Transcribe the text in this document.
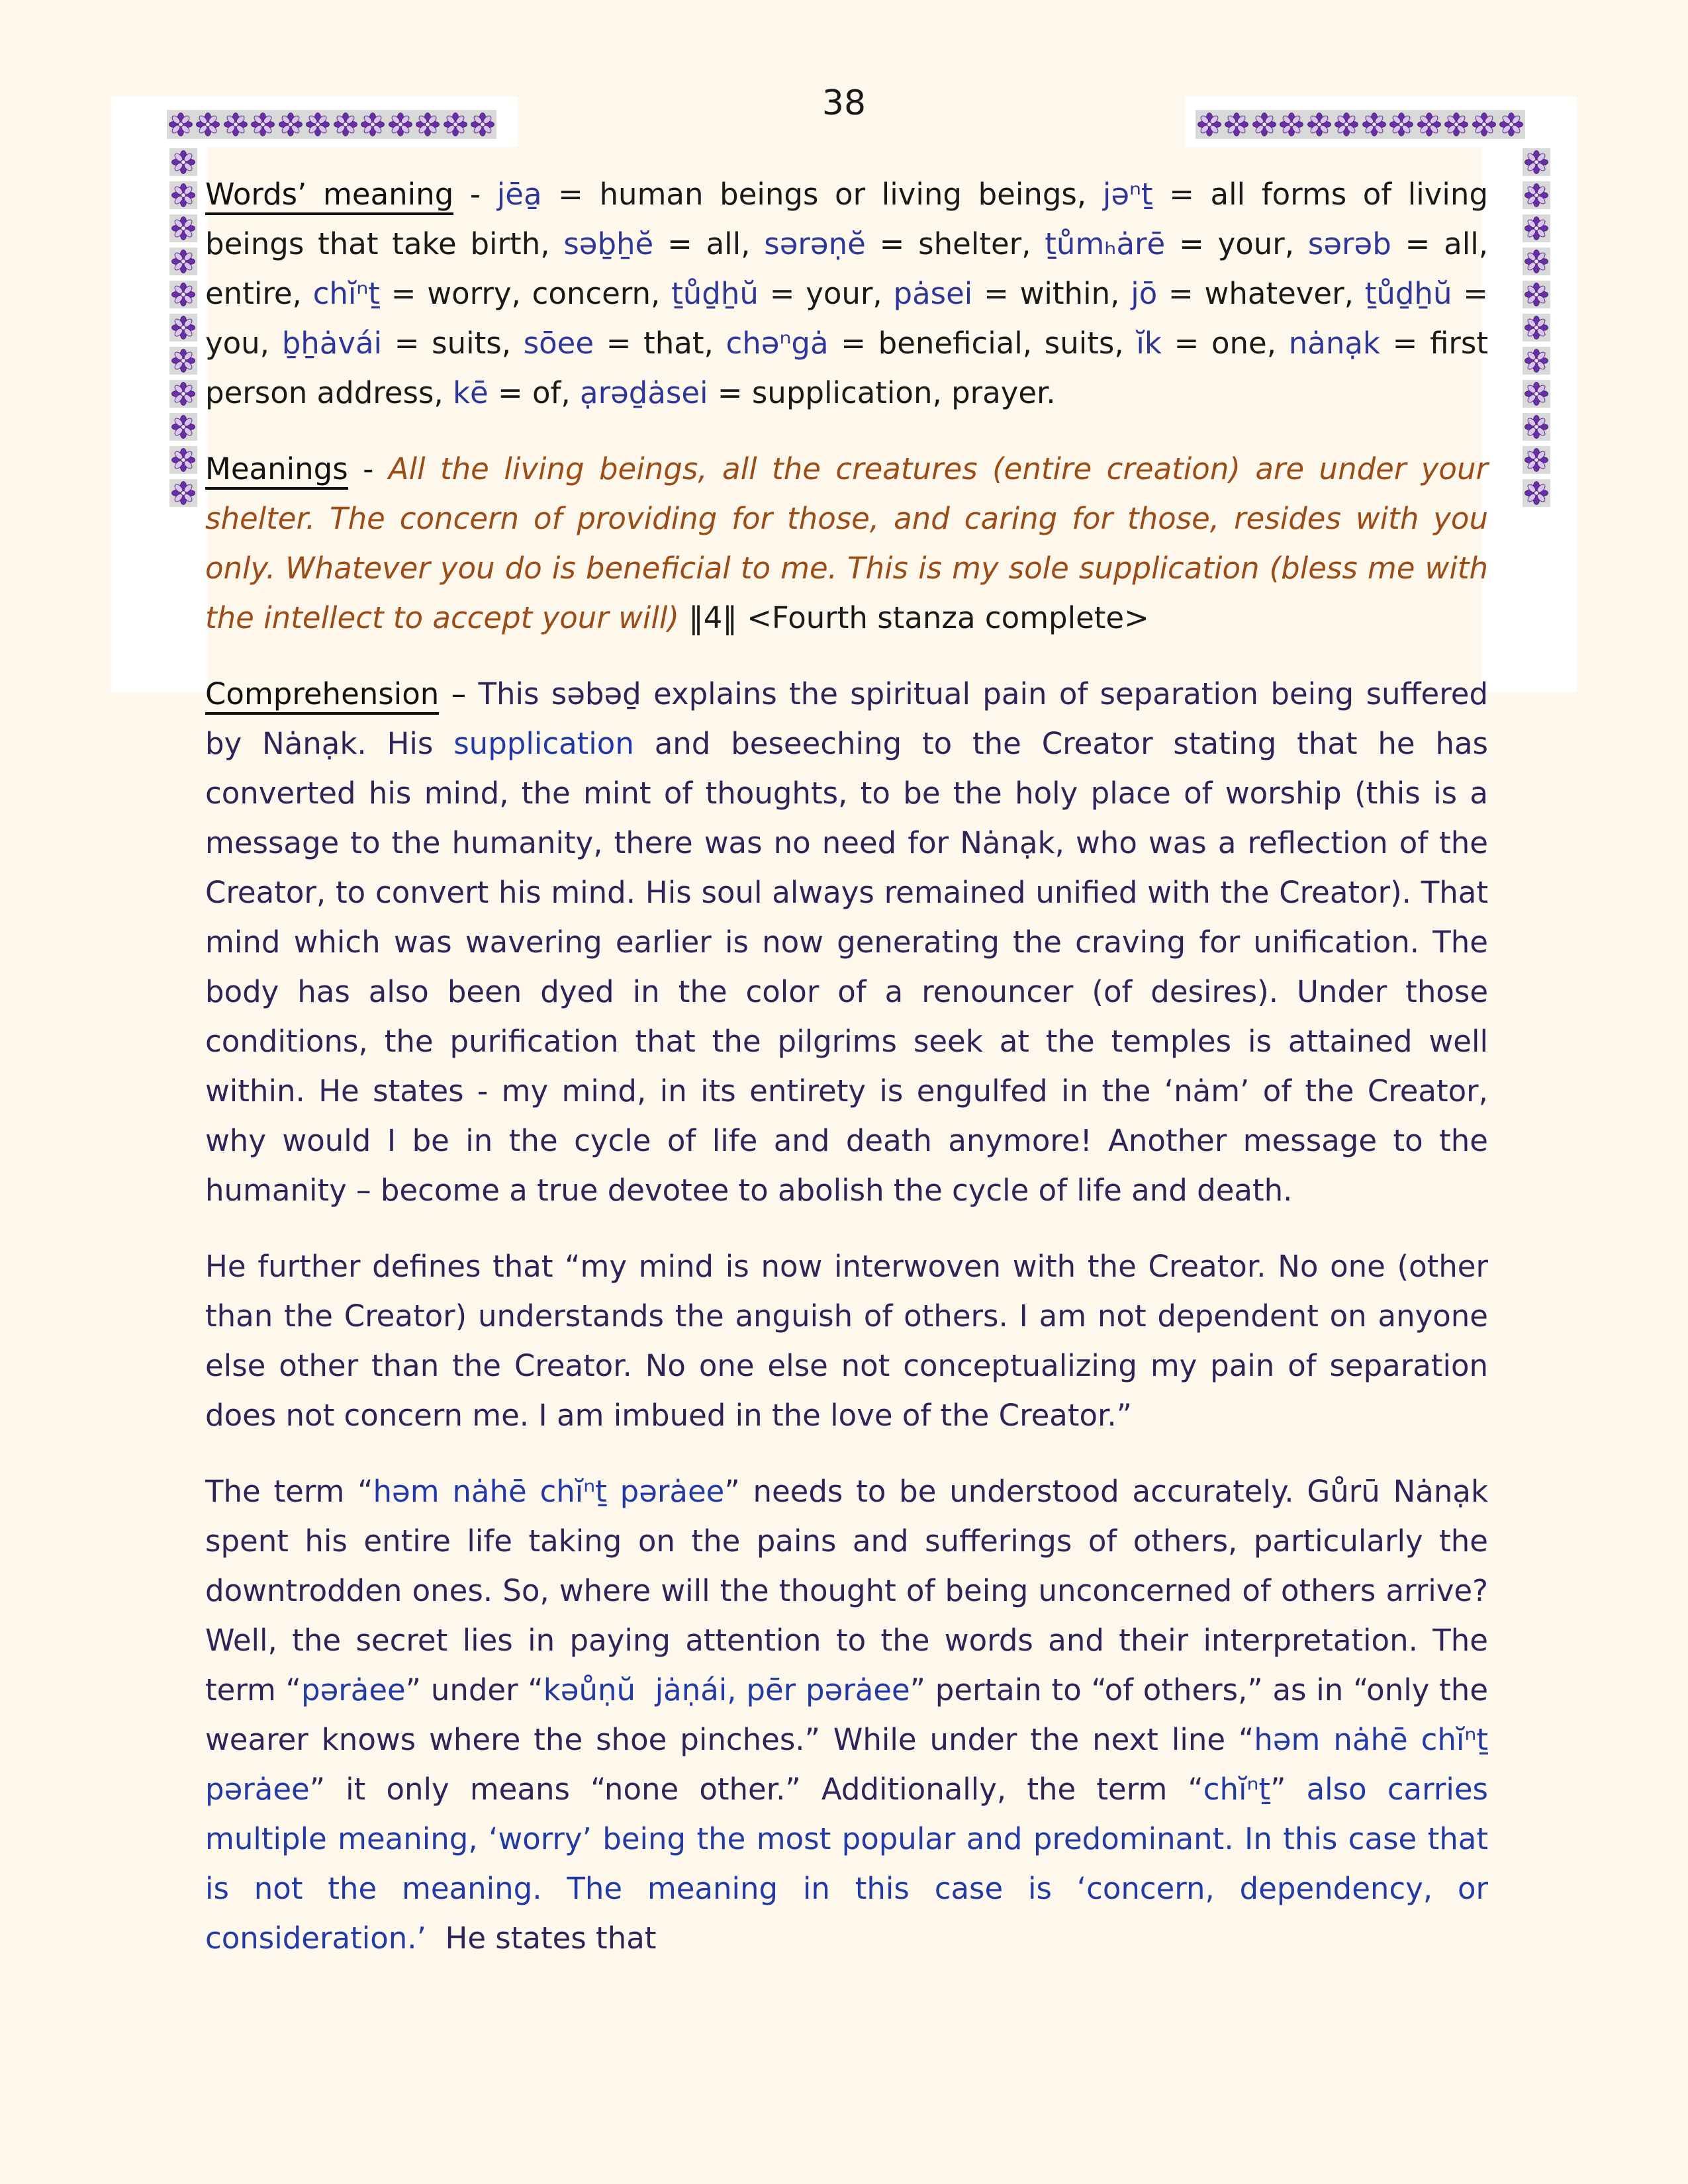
38

Words’ meaning - jēa̱ = human beings or living beings, jəⁿṯ = all forms of living beings that take birth, səḇẖĕ = all, sərəṇĕ = shelter, ṯůmₕȧrē = your, sərəb = all, entire, chĭⁿṯ = worry, concern, ṯůḏẖŭ = your, pȧsei = within, jō = whatever, ṯůḏẖŭ = you, ḇẖȧvái = suits, sōee = that, chəⁿgȧ = beneficial, suits, ĭk = one, nȧnạk = first person address, kē = of, ạrəḏȧsei = supplication, prayer.

Meanings - All the living beings, all the creatures (entire creation) are under your shelter. The concern of providing for those, and caring for those, resides with you only. Whatever you do is beneficial to me. This is my sole supplication (bless me with the intellect to accept your will) ‖4‖ <Fourth stanza complete>

Comprehension – This səbəḏ explains the spiritual pain of separation being suffered by Nȧnạk. His supplication and beseeching to the Creator stating that he has converted his mind, the mint of thoughts, to be the holy place of worship (this is a message to the humanity, there was no need for Nȧnạk, who was a reflection of the Creator, to convert his mind. His soul always remained unified with the Creator). That mind which was wavering earlier is now generating the craving for unification. The body has also been dyed in the color of a renouncer (of desires). Under those conditions, the purification that the pilgrims seek at the temples is attained well within. He states - my mind, in its entirety is engulfed in the ‘nȧm’ of the Creator, why would I be in the cycle of life and death anymore! Another message to the humanity – become a true devotee to abolish the cycle of life and death.

He further defines that “my mind is now interwoven with the Creator. No one (other than the Creator) understands the anguish of others. I am not dependent on anyone else other than the Creator. No one else not conceptualizing my pain of separation does not concern me. I am imbued in the love of the Creator.”

The term “həm nȧhē chĭⁿṯ pərȧee” needs to be understood accurately. Gůrū Nȧnạk spent his entire life taking on the pains and sufferings of others, particularly the downtrodden ones. So, where will the thought of being unconcerned of others arrive? Well, the secret lies in paying attention to the words and their interpretation. The term “pərȧee” under “kəůṇŭ  jȧṇái, pēr pərȧee” pertain to “of others,” as in “only the wearer knows where the shoe pinches.” While under the next line “həm nȧhē chĭⁿṯ pərȧee” it only means “none other.” Additionally, the term “chĭⁿṯ” also carries multiple meaning, ‘worry’ being the most popular and predominant. In this case that is not the meaning. The meaning in this case is ‘concern, dependency, or consideration.’  He states that
